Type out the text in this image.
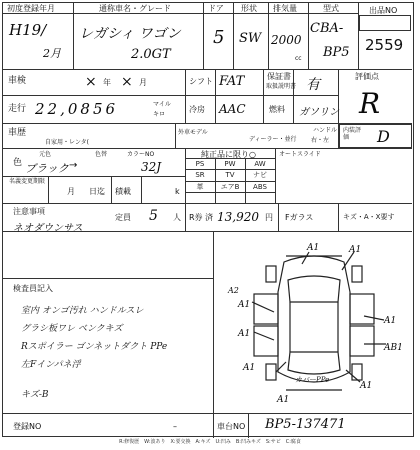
初度登録年月
H19/
2月
通称車名・グレード
レガシィ ワゴン
2.0GT
ドア
5
形状
SW
排気量
2000
cc
型式
CBA-
BP5
出品NO
2559
車検	× 年 × 月	シフト FAT	保証書
取扱説明書 有
評価点
R
走行 22,0856	マイル
キロ
冷房 AAC	燃料 ガソリン
車歴
自家用・レンタ(
外車モデル
ディーラー・並行
ハンドル
右・左
内装評価	D
色
元色	色替	カラーNO
ブラック →	32J
純正品に限り○
PS	PW	AW
SR	TV	ナビ
革	エアB	ABS
オートスライド
名義変更期限
月 日迄 積載	k
定員 5 人
注意事項
ネオダウンサス
R券 済 13,920 円 Fガラス	キズ・A・X要す
検査員記入
室内 オンゴ汚れ ハンドルスレ
グラシ板ワレ ベンクキズ
Rスポイラー ゴンネットダクト PPe
左Fインパネ浮
キズ-B
A1	A1
A1
A1
A1
A1
A1
A1
AB1
カバーPPe
A2
登録NO	–	車台NO BP5-137471
R:修復歴　W:波あり　X:要交換　A:キズ　U:凹み　B:凹みキズ　S:サビ　C:腐食
